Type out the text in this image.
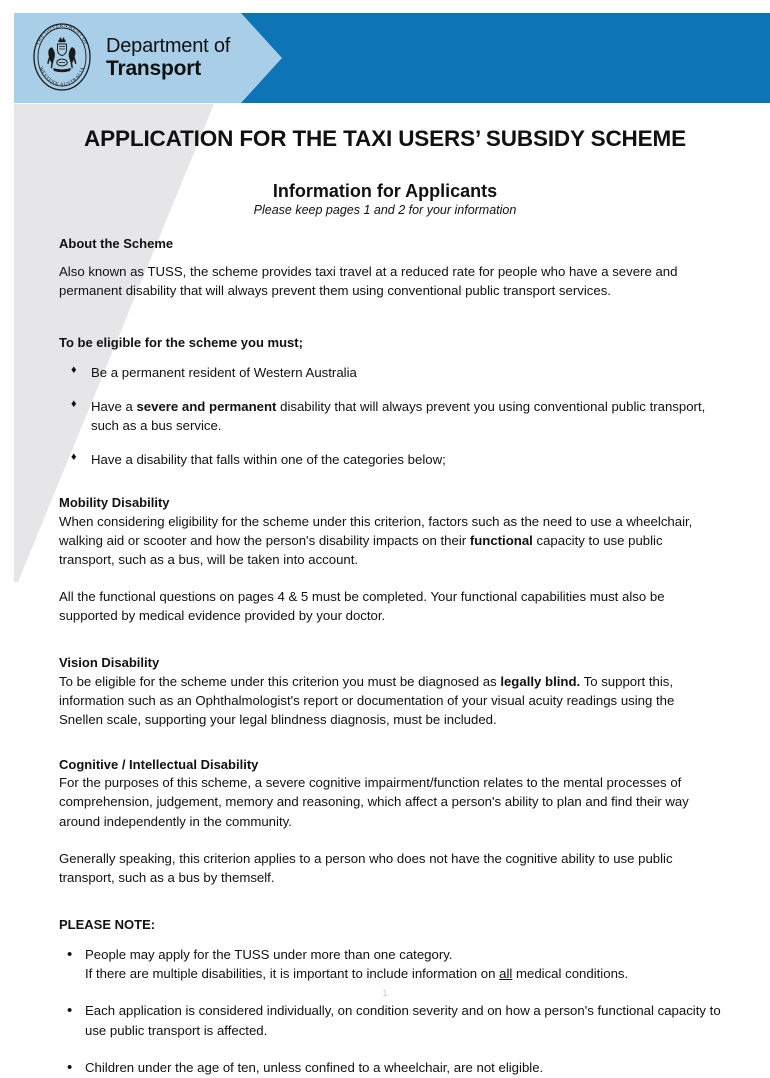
THE GOVERNMENT OF
WESTERN AUSTRALIA
Department of
Transport
APPLICATION FOR THE TAXI USERS’ SUBSIDY SCHEME
Information for Applicants
Please keep pages 1 and 2 for your information
About the Scheme
Also known as TUSS, the scheme provides taxi travel at a reduced rate for people who have a severe and permanent disability that will always prevent them using conventional public transport services.
To be eligible for the scheme you must;
♦ Be a permanent resident of Western Australia
♦ Have a severe and permanent disability that will always prevent you using conventional public transport, such as a bus service.
♦ Have a disability that falls within one of the categories below;
Mobility Disability
When considering eligibility for the scheme under this criterion, factors such as the need to use a wheelchair, walking aid or scooter and how the person's disability impacts on their functional capacity to use public transport, such as a bus, will be taken into account.
All the functional questions on pages 4 & 5 must be completed. Your functional capabilities must also be supported by medical evidence provided by your doctor.
Vision Disability
To be eligible for the scheme under this criterion you must be diagnosed as legally blind. To support this, information such as an Ophthalmologist's report or documentation of your visual acuity readings using the Snellen scale, supporting your legal blindness diagnosis, must be included.
Cognitive / Intellectual Disability
For the purposes of this scheme, a severe cognitive impairment/function relates to the mental processes of comprehension, judgement, memory and reasoning, which affect a person's ability to plan and find their way around independently in the community.
Generally speaking, this criterion applies to a person who does not have the cognitive ability to use public transport, such as a bus by themself.
PLEASE NOTE:
• People may apply for the TUSS under more than one category.
If there are multiple disabilities, it is important to include information on all medical conditions.
• Each application is considered individually, on condition severity and on how a person's functional capacity to use public transport is affected.
• Children under the age of ten, unless confined to a wheelchair, are not eligible.
1
